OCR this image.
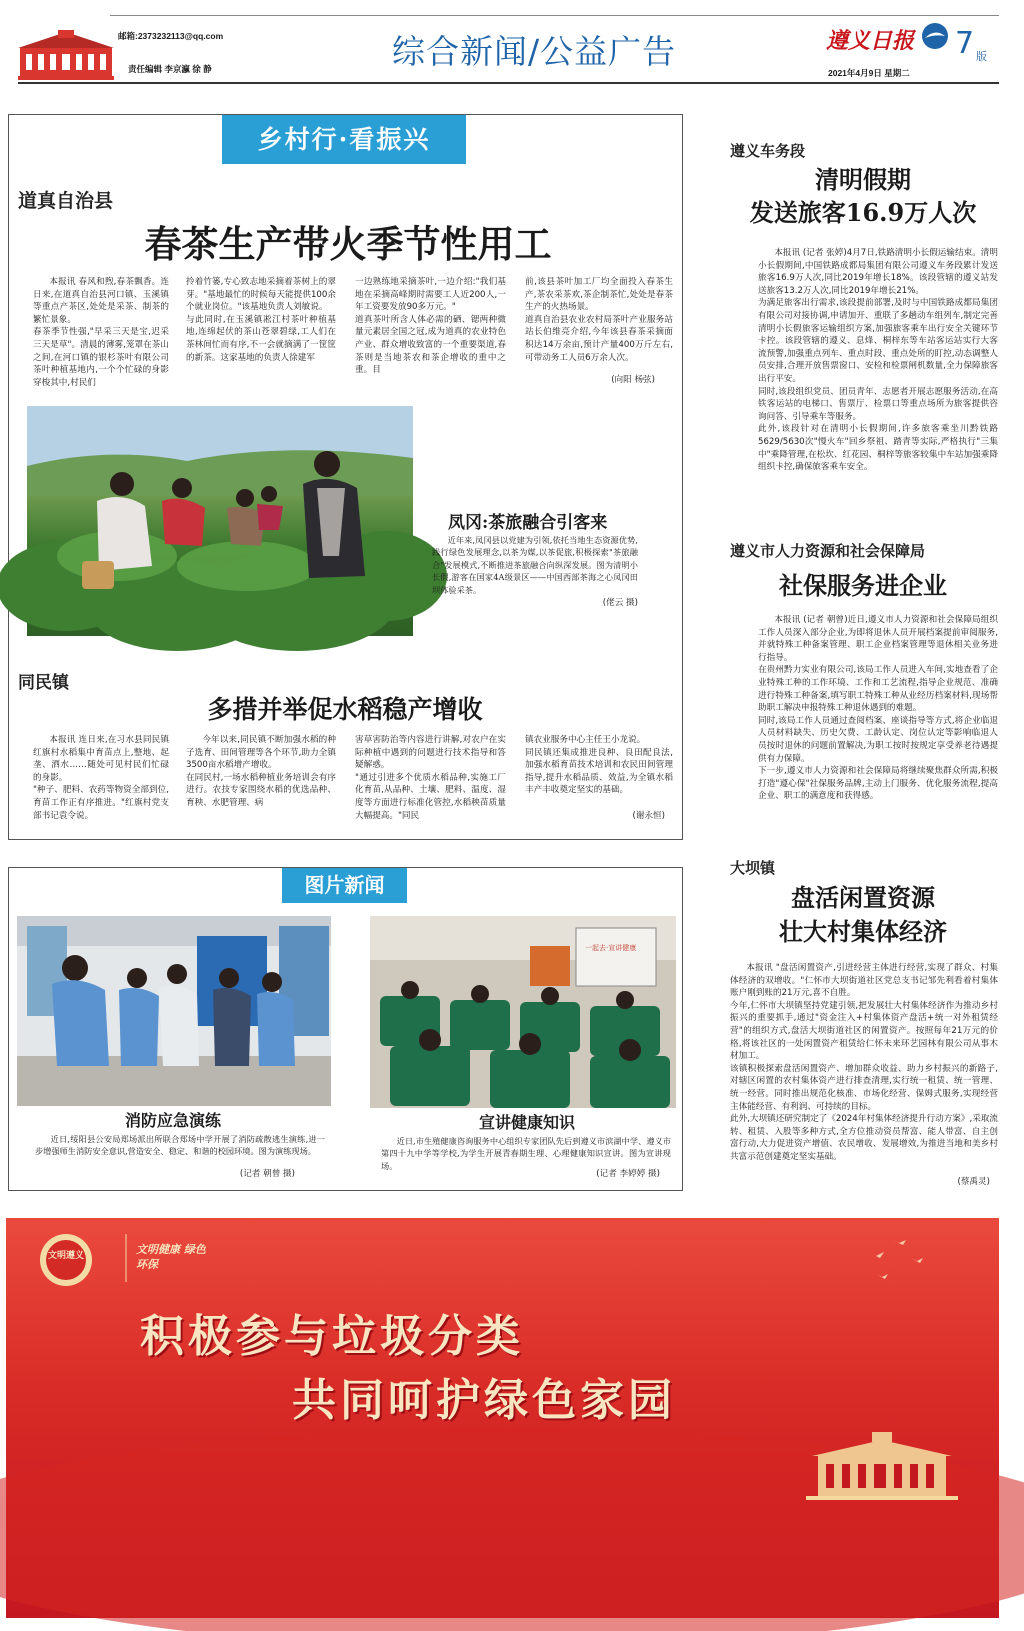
邮箱:2373232113@qq.com
责任编辑 李京瀛 徐 静	综合新闻/公益广告	遵义日报 7 版
2021年4月9日 星期二
乡村行·看振兴
道真自治县
春茶生产带火季节性用工
本报讯 春风和煦,春茶飘香。连日来,在道真自治县河口镇、玉溪镇等重点产茶区,处处是采茶、制茶的繁忙景象。
春茶季节性强,"早采三天是宝,迟采三天是草"。清晨的薄雾,笼罩在茶山之间,在河口镇的银杉茶叶有限公司茶叶种植基地内,一个个忙碌的身影穿梭其中,村民们
拎着竹篓,专心致志地采摘着茶树上的翠芽。"基地最忙的时候每天能提供100余个就业岗位。"该基地负责人刘敏说。
与此同时,在玉溪镇凇江村茶叶种植基地,连绵起伏的茶山苍翠碧绿,工人们在茶林间忙而有序,不一会就摘满了一筐筐的新茶。这家基地的负责人徐建军
一边熟练地采摘茶叶,一边介绍:"我们基地在采摘高峰期时需要工人近200人,一年工资要发放90多万元。"
道真茶叶所含人体必需的硒、锶两种微量元素居全国之冠,成为道真的农业特色产业、群众增收致富的一个重要渠道,春茶则是当地茶农和茶企增收的重中之重。目
前,该县茶叶加工厂均全面投入春茶生产,茶农采茶欢,茶企制茶忙,处处是春茶生产的火热场景。
道真自治县农业农村局茶叶产业服务站站长伯维亮介绍,今年该县春茶采摘面积达14万余亩,预计产量400万斤左右,可带动务工人员6万余人次。
(向阳 杨弦)
凤冈:茶旅融合引客来
近年来,凤冈县以党建为引领,依托当地生态资源优势,践行绿色发展理念,以茶为媒,以茶促旅,积极探索"茶旅融合"发展模式,不断推进茶旅融合向纵深发展。图为清明小长假,游客在国家4A级景区——中国西部茶海之心凤冈田坝体验采茶。
(佬云 摄)
同民镇
多措并举促水稻稳产增收
本报讯 连日来,在习水县同民镇红旗村水稻集中育苗点上,整地、起垄、洒水……随处可见村民们忙碌的身影。
"种子、肥料、农药等物资全部到位,育苗工作正有序推进。"红旗村党支部书记袁令说。
今年以来,同民镇不断加强水稻的种子选育、田间管理等各个环节,助力全镇3500亩水稻增产增收。
在同民村,一场水稻种植业务培训会有序进行。农技专家围绕水稻的优选品种、育秧、水肥管理、病
害草害防治等内容进行讲解,对农户在实际种植中遇到的问题进行技术指导和答疑解惑。
"通过引进多个优质水稻品种,实施工厂化育苗,从品种、土壤、肥料、温度、湿度等方面进行标准化管控,水稻秧苗质量大幅提高。"同民
镇农业服务中心主任王小龙说。
同民镇还集成推进良种、良田配良法,加强水稻育苗技术培训和农民田间管理指导,提升水稻品质、效益,为全镇水稻丰产丰收奠定坚实的基础。
(谢永恒)
图片新闻
消防应急演练
近日,绥阳县公安局郑场派出所联合郑场中学开展了消防疏散逃生演练,进一步增强师生消防安全意识,营造安全、稳定、和谐的校园环境。图为演练现场。
(记者 朝曾 摄)
一起去·宣讲健康
宣讲健康知识
近日,市生殖健康咨询服务中心组织专家团队先后到遵义市滨湖中学、遵义市第四十九中学等学校,为学生开展青春期生理、心理健康知识宣讲。图为宣讲现场。
(记者 李婷婷 摄)
遵义车务段
清明假期
发送旅客16.9万人次
本报讯 (记者 张婷)4月7日,铁路清明小长假运输结束。清明小长假期间,中国铁路成都局集团有限公司遵义车务段累计发送旅客16.9万人次,同比2019年增长18%。该段管辖的遵义站发送旅客13.2万人次,同比2019年增长21%。
为满足旅客出行需求,该段提前部署,及时与中国铁路成都局集团有限公司对接协调,申请加开、重联了多趟动车组列车,制定完善清明小长假旅客运输组织方案,加强旅客乘车出行安全关键环节卡控。该段管辖的遵义、息烽、桐梓东等车站客运站实行大客流预警,加强重点列车、重点时段、重点处所的盯控,动态调整人员安排,合理开放售票窗口、安检和检票闸机数量,全力保障旅客出行平安。
同时,该段组织党员、团员青年、志愿者开展志愿服务活动,在高铁客运站的电梯口、售票厅、检票口等重点场所为旅客提供咨询问答、引导乘车等服务。
此外,该段针对在清明小长假期间,许多旅客乘坐川黔铁路5629/5630次"慢火车"回乡祭祖、踏青等实际,严格执行"三集中"乘降管理,在松坎、红花园、桐梓等旅客较集中车站加强乘降组织卡控,确保旅客乘车安全。
遵义市人力资源和社会保障局
社保服务进企业
本报讯 (记者 朝曾)近日,遵义市人力资源和社会保障局组织工作人员深入部分企业,为即将退休人员开展档案提前审阅服务,并就特殊工种备案管理、职工企业档案管理等退休相关业务进行指导。
在贵州黔力实业有限公司,该局工作人员进入车间,实地查看了企业特殊工种的工作环境、工作和工艺流程,指导企业规范、准确进行特殊工种备案,填写职工特殊工种从业经历档案材料,现场帮助职工解决申报特殊工种退休遇到的难题。
同时,该局工作人员通过查阅档案、座谈指导等方式,将企业临退人员材料缺失、历史欠费、工龄认定、岗位认定等影响临退人员按时退休的问题前置解决,为职工按时按规定享受养老待遇提供有力保障。
下一步,遵义市人力资源和社会保障局将继续聚焦群众所需,积极打造"遵心保"社保服务品牌,主动上门服务、优化服务流程,提高企业、职工的满意度和获得感。
大坝镇
盘活闲置资源
壮大村集体经济
本报讯 "盘活闲置资产,引进经营主体进行经营,实现了群众、村集体经济的双增收。"仁怀市大坝街道社区党总支书记邹先利看着村集体账户刚到账的21万元,喜不自胜。
今年,仁怀市大坝镇坚持党建引领,把发展壮大村集体经济作为推动乡村振兴的重要抓手,通过"资金注入+村集体资产盘活+统一对外租赁经营"的组织方式,盘活大坝街道社区的闲置资产。按照每年21万元的价格,将该社区的一处闲置资产租赁给仁怀未来环艺园林有限公司从事木材加工。
该镇积极探索盘活闲置资产、增加群众收益、助力乡村振兴的新路子,对辖区闲置的农村集体资产进行排查清理,实行统一租赁、统一管理、统一经营。同时推出规范化核准、市场化经营、保姆式服务,实现经营主体能经营、有利润、可持续的目标。
此外,大坝镇还研究制定了《2024年村集体经济提升行动方案》,采取流转、租赁、入股等多种方式,全方位推动资员帮富、能人带富、自主创富行动,大力促进资产增值、农民增收、发展增效,为推进当地和美乡村共富示范创建奠定坚实基础。
(蔡禹灵)
文明遵义	文明健康 绿色环保
积极参与垃圾分类
共同呵护绿色家园
